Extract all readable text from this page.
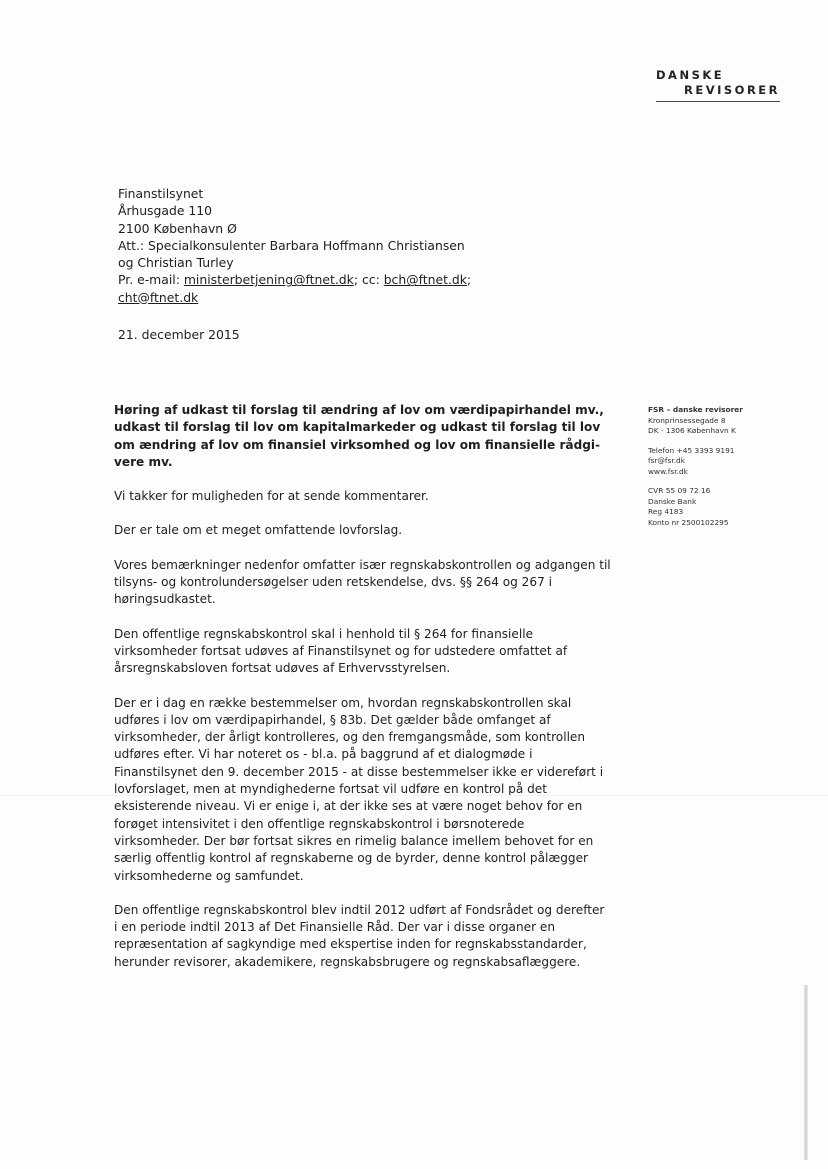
DANSKE
REVISORER
Finanstilsynet
Århusgade 110
2100 København Ø
Att.: Specialkonsulenter Barbara Hoffmann Christiansen
og Christian Turley
Pr. e-mail: ministerbetjening@ftnet.dk; cc: bch@ftnet.dk;
cht@ftnet.dk
21. december 2015
FSR – danske revisorer
Kronprinsessegade 8
DK - 1306 København K
Telefon +45 3393 9191
fsr@fsr.dk
www.fsr.dk
CVR 55 09 72 16
Danske Bank
Reg 4183
Konto nr 2500102295
Høring af udkast til forslag til ændring af lov om værdipapirhandel mv.,
udkast til forslag til lov om kapitalmarkeder og udkast til forslag til lov
om ændring af lov om finansiel virksomhed og lov om finansielle rådgi-
vere mv.

Vi takker for muligheden for at sende kommentarer.

Der er tale om et meget omfattende lovforslag.

Vores bemærkninger nedenfor omfatter især regnskabskontrollen og adgangen til
tilsyns- og kontrolundersøgelser uden retskendelse, dvs. §§ 264 og 267 i
høringsudkastet.

Den offentlige regnskabskontrol skal i henhold til § 264 for finansielle
virksomheder fortsat udøves af Finanstilsynet og for udstedere omfattet af
årsregnskabsloven fortsat udøves af Erhvervsstyrelsen.

Der er i dag en række bestemmelser om, hvordan regnskabskontrollen skal
udføres i lov om værdipapirhandel, § 83b. Det gælder både omfanget af
virksomheder, der årligt kontrolleres, og den fremgangsmåde, som kontrollen
udføres efter. Vi har noteret os - bl.a. på baggrund af et dialogmøde i
Finanstilsynet den 9. december 2015 - at disse bestemmelser ikke er videreført i
lovforslaget, men at myndighederne fortsat vil udføre en kontrol på det
eksisterende niveau. Vi er enige i, at der ikke ses at være noget behov for en
forøget intensivitet i den offentlige regnskabskontrol i børsnoterede
virksomheder. Der bør fortsat sikres en rimelig balance imellem behovet for en
særlig offentlig kontrol af regnskaberne og de byrder, denne kontrol pålægger
virksomhederne og samfundet.

Den offentlige regnskabskontrol blev indtil 2012 udført af Fondsrådet og derefter
i en periode indtil 2013 af Det Finansielle Råd. Der var i disse organer en
repræsentation af sagkyndige med ekspertise inden for regnskabsstandarder,
herunder revisorer, akademikere, regnskabsbrugere og regnskabsaflæggere.
